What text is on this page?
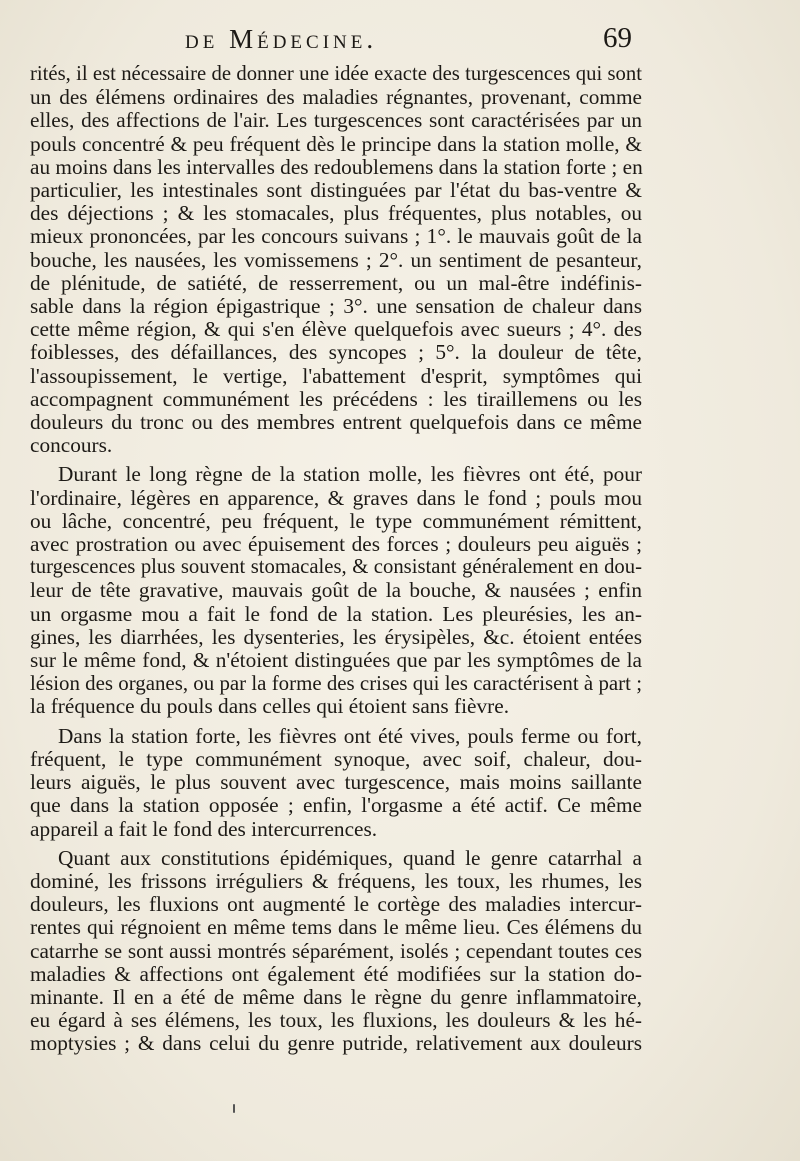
de Médecine.	69
rités, il est nécessaire de donner une idée exacte des turgescences qui sont
un des élémens ordinaires des maladies régnantes, provenant, comme
elles, des affections de l'air. Les turgescences sont caractérisées par un
pouls concentré & peu fréquent dès le principe dans la station molle, &
au moins dans les intervalles des redoublemens dans la station forte ; en
particulier, les intestinales sont distinguées par l'état du bas-ventre &
des déjections ; & les stomacales, plus fréquentes, plus notables, ou
mieux prononcées, par les concours suivans ; 1°. le mauvais goût de la
bouche, les nausées, les vomissemens ; 2°. un sentiment de pesanteur,
de plénitude, de satiété, de resserrement, ou un mal-être indéfinis-
sable dans la région épigastrique ; 3°. une sensation de chaleur dans
cette même région, & qui s'en élève quelquefois avec sueurs ; 4°. des
foiblesses, des défaillances, des syncopes ; 5°. la douleur de tête,
l'assoupissement, le vertige, l'abattement d'esprit, symptômes qui
accompagnent communément les précédens : les tiraillemens ou les
douleurs du tronc ou des membres entrent quelquefois dans ce même
concours.
Durant le long règne de la station molle, les fièvres ont été, pour
l'ordinaire, légères en apparence, & graves dans le fond ; pouls mou
ou lâche, concentré, peu fréquent, le type communément rémittent,
avec prostration ou avec épuisement des forces ; douleurs peu aiguës ;
turgescences plus souvent stomacales, & consistant généralement en dou-
leur de tête gravative, mauvais goût de la bouche, & nausées ; enfin
un orgasme mou a fait le fond de la station. Les pleurésies, les an-
gines, les diarrhées, les dysenteries, les érysipèles, &c. étoient entées
sur le même fond, & n'étoient distinguées que par les symptômes de la
lésion des organes, ou par la forme des crises qui les caractérisent à part ;
la fréquence du pouls dans celles qui étoient sans fièvre.
Dans la station forte, les fièvres ont été vives, pouls ferme ou fort,
fréquent, le type communément synoque, avec soif, chaleur, dou-
leurs aiguës, le plus souvent avec turgescence, mais moins saillante
que dans la station opposée ; enfin, l'orgasme a été actif. Ce même
appareil a fait le fond des intercurrences.
Quant aux constitutions épidémiques, quand le genre catarrhal a
dominé, les frissons irréguliers & fréquens, les toux, les rhumes, les
douleurs, les fluxions ont augmenté le cortège des maladies intercur-
rentes qui régnoient en même tems dans le même lieu. Ces élémens du
catarrhe se sont aussi montrés séparément, isolés ; cependant toutes ces
maladies & affections ont également été modifiées sur la station do-
minante. Il en a été de même dans le règne du genre inflammatoire,
eu égard à ses élémens, les toux, les fluxions, les douleurs & les hé-
moptysies ; & dans celui du genre putride, relativement aux douleurs
